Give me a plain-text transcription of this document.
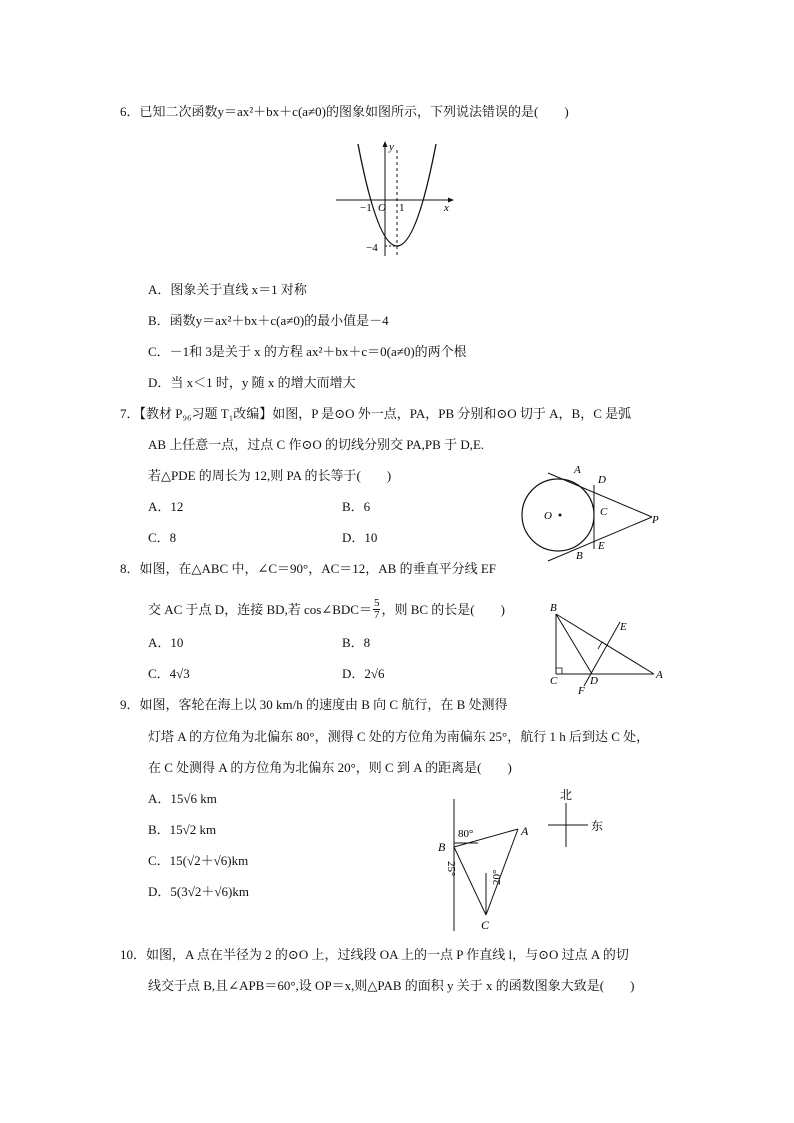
6．已知二次函数y＝ax²＋bx＋c(a≠0)的图象如图所示，下列说法错误的是(　　)
y
x
−1 O 1
−4
A．图象关于直线 x＝1 对称
B．函数y＝ax²＋bx＋c(a≠0)的最小值是－4
C．－1和 3是关于 x 的方程 ax²＋bx＋c＝0(a≠0)的两个根
D．当 x＜1 时，y 随 x 的增大而增大
7．【教材 P₉₆习题 T₁改编】如图，P 是⊙O 外一点，PA，PB 分别和⊙O 切于 A，B，C 是弧
AB 上任意一点，过点 C 作⊙O 的切线分别交 PA,PB 于 D,E.
若△PDE 的周长为 12,则 PA 的长等于(　　)
A．12	B．6
C．8	D．10
A
D
O	C
P
E
B
8．如图，在△ABC 中，∠C＝90°，AC＝12，AB 的垂直平分线 EF
交 AC 于点 D，连接 BD,若 cos∠BDC＝ $\frac{5}{7}$ ，则 BC 的长是(　　)
A．10	B．8
C．4√3	D．2√6
B
E
C	D
F
A
9．如图，客轮在海上以 30 km/h 的速度由 B 向 C 航行，在 B 处测得
灯塔 A 的方位角为北偏东 80°，测得 C 处的方位角为南偏东 25°，航行 1 h 后到达 C 处，
在 C 处测得 A 的方位角为北偏东 20°，则 C 到 A 的距离是(　　)
A．15√6 km
B．15√2 km
C．15(√2＋√6)km
D．5(3√2＋√6)km
北
东
80°
25°
20°
A
B
C
10．如图，A 点在半径为 2 的⊙O 上，过线段 OA 上的一点 P 作直线 l，与⊙O 过点 A 的切
线交于点 B,且∠APB＝60°,设 OP＝x,则△PAB 的面积 y 关于 x 的函数图象大致是(　　)
